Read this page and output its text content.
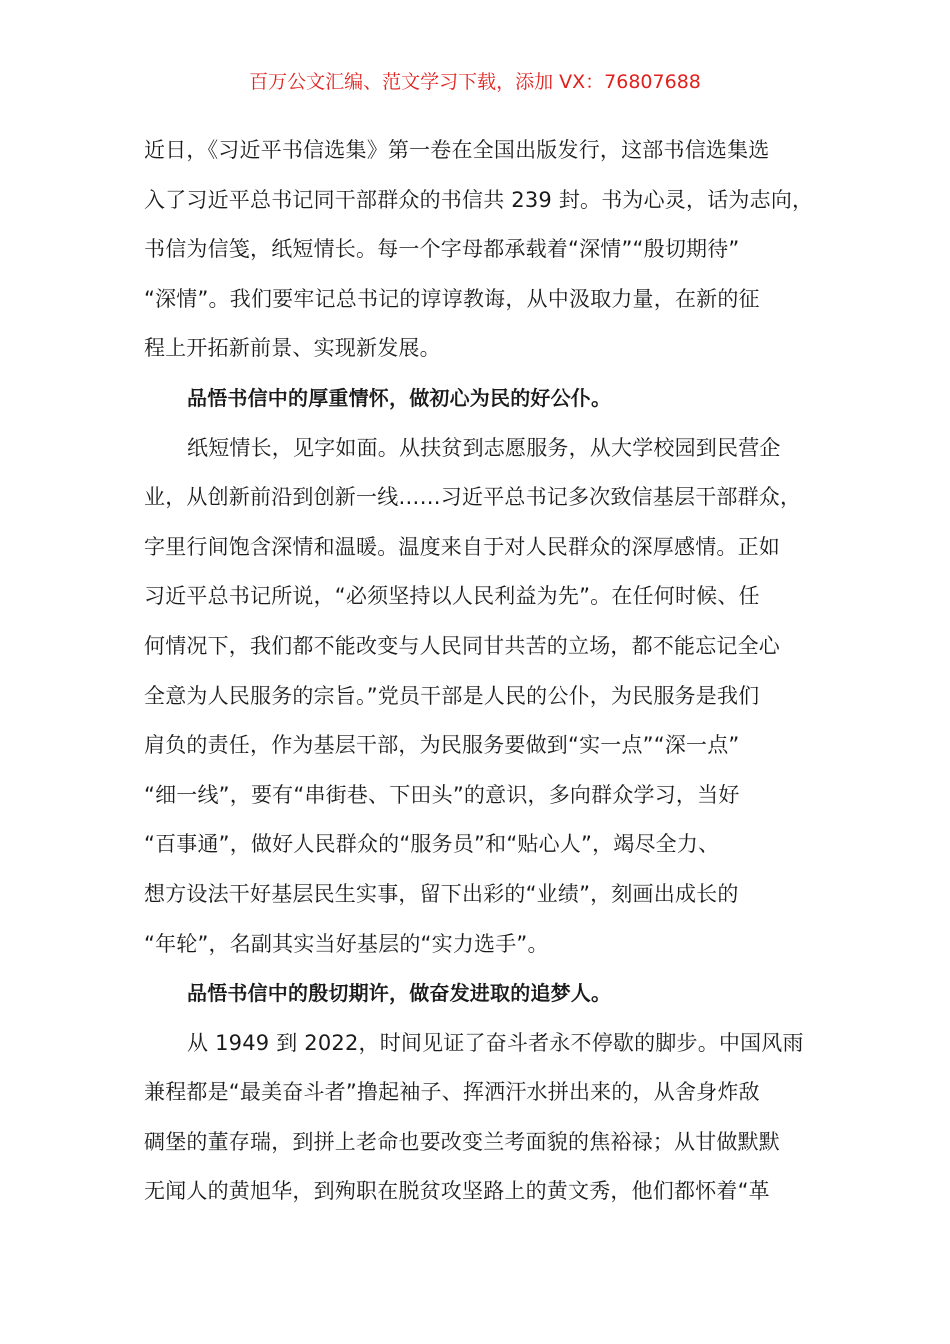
百万公文汇编、范文学习下载，添加 VX：76807688
近日，《习近平书信选集》第一卷在全国出版发行，这部书信选集选
入了习近平总书记同干部群众的书信共 239 封。书为心灵，话为志向，
书信为信笺，纸短情长。每一个字母都承载着“深情”“殷切期待”
“深情”。我们要牢记总书记的谆谆教诲，从中汲取力量，在新的征
程上开拓新前景、实现新发展。
品悟书信中的厚重情怀，做初心为民的好公仆。
纸短情长，见字如面。从扶贫到志愿服务，从大学校园到民营企
业，从创新前沿到创新一线……习近平总书记多次致信基层干部群众，
字里行间饱含深情和温暖。温度来自于对人民群众的深厚感情。正如
习近平总书记所说，“必须坚持以人民利益为先”。在任何时候、任
何情况下，我们都不能改变与人民同甘共苦的立场，都不能忘记全心
全意为人民服务的宗旨。”党员干部是人民的公仆，为民服务是我们
肩负的责任，作为基层干部，为民服务要做到“实一点”“深一点”
“细一线”，要有“串街巷、下田头”的意识，多向群众学习，当好
“百事通”，做好人民群众的“服务员”和“贴心人”，竭尽全力、
想方设法干好基层民生实事，留下出彩的“业绩”，刻画出成长的
“年轮”，名副其实当好基层的“实力选手”。
品悟书信中的殷切期许，做奋发进取的追梦人。
从 1949 到 2022，时间见证了奋斗者永不停歇的脚步。中国风雨
兼程都是“最美奋斗者”撸起袖子、挥洒汗水拼出来的，从舍身炸敌
碉堡的董存瑞，到拼上老命也要改变兰考面貌的焦裕禄；从甘做默默
无闻人的黄旭华，到殉职在脱贫攻坚路上的黄文秀，他们都怀着“革
